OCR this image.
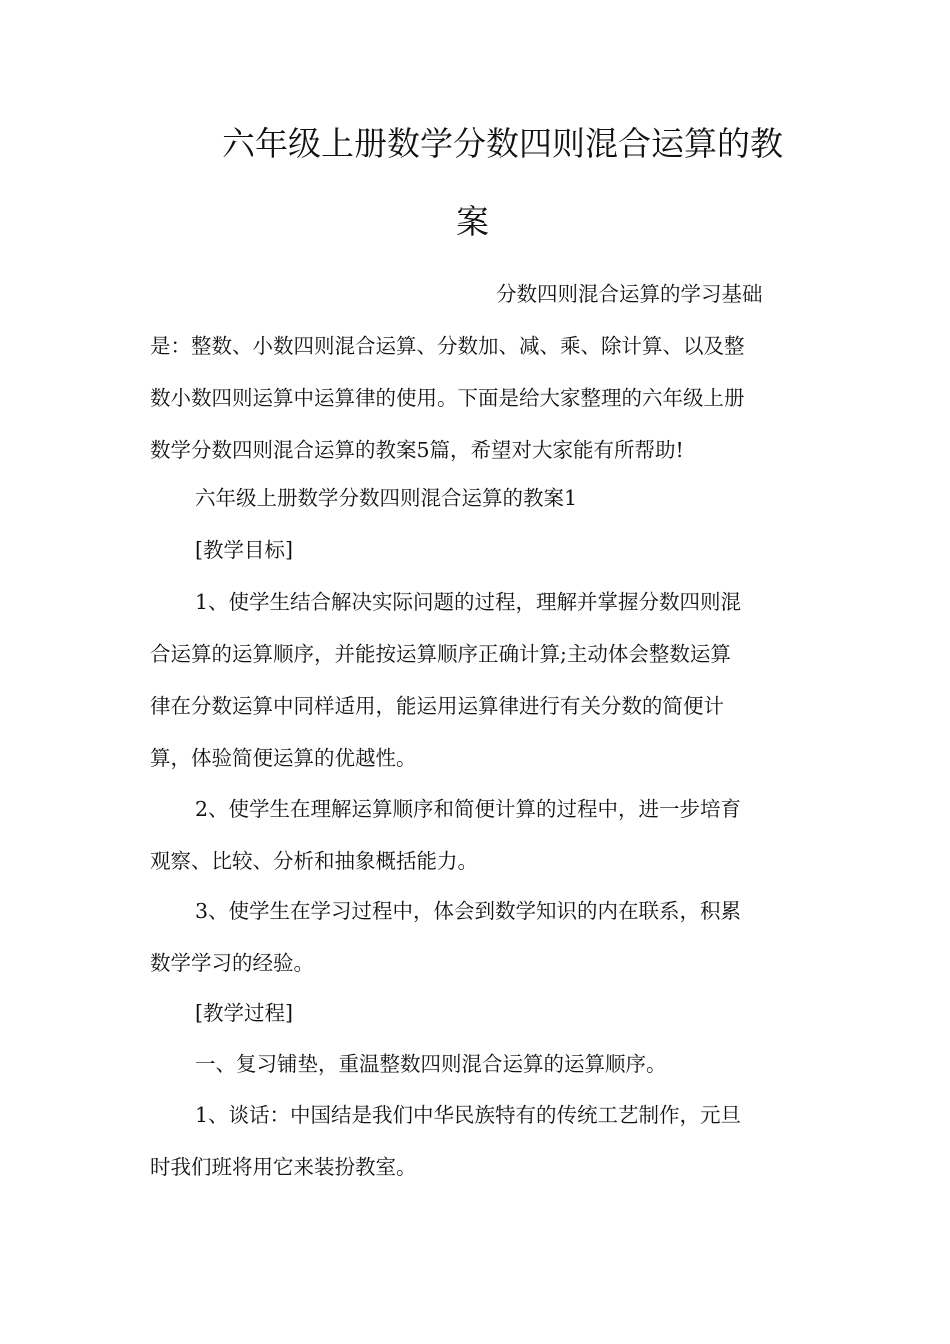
六年级上册数学分数四则混合运算的教
案
分数四则混合运算的学习基础
是：整数、小数四则混合运算、分数加、减、乘、除计算、以及整
数小数四则运算中运算律的使用。下面是给大家整理的六年级上册
数学分数四则混合运算的教案5篇，希望对大家能有所帮助!
六年级上册数学分数四则混合运算的教案1
[教学目标]
1、使学生结合解决实际问题的过程，理解并掌握分数四则混
合运算的运算顺序，并能按运算顺序正确计算;主动体会整数运算
律在分数运算中同样适用，能运用运算律进行有关分数的简便计
算，体验简便运算的优越性。
2、使学生在理解运算顺序和简便计算的过程中，进一步培育
观察、比较、分析和抽象概括能力。
3、使学生在学习过程中，体会到数学知识的内在联系，积累
数学学习的经验。
[教学过程]
一、复习铺垫，重温整数四则混合运算的运算顺序。
1、谈话：中国结是我们中华民族特有的传统工艺制作，元旦
时我们班将用它来装扮教室。
